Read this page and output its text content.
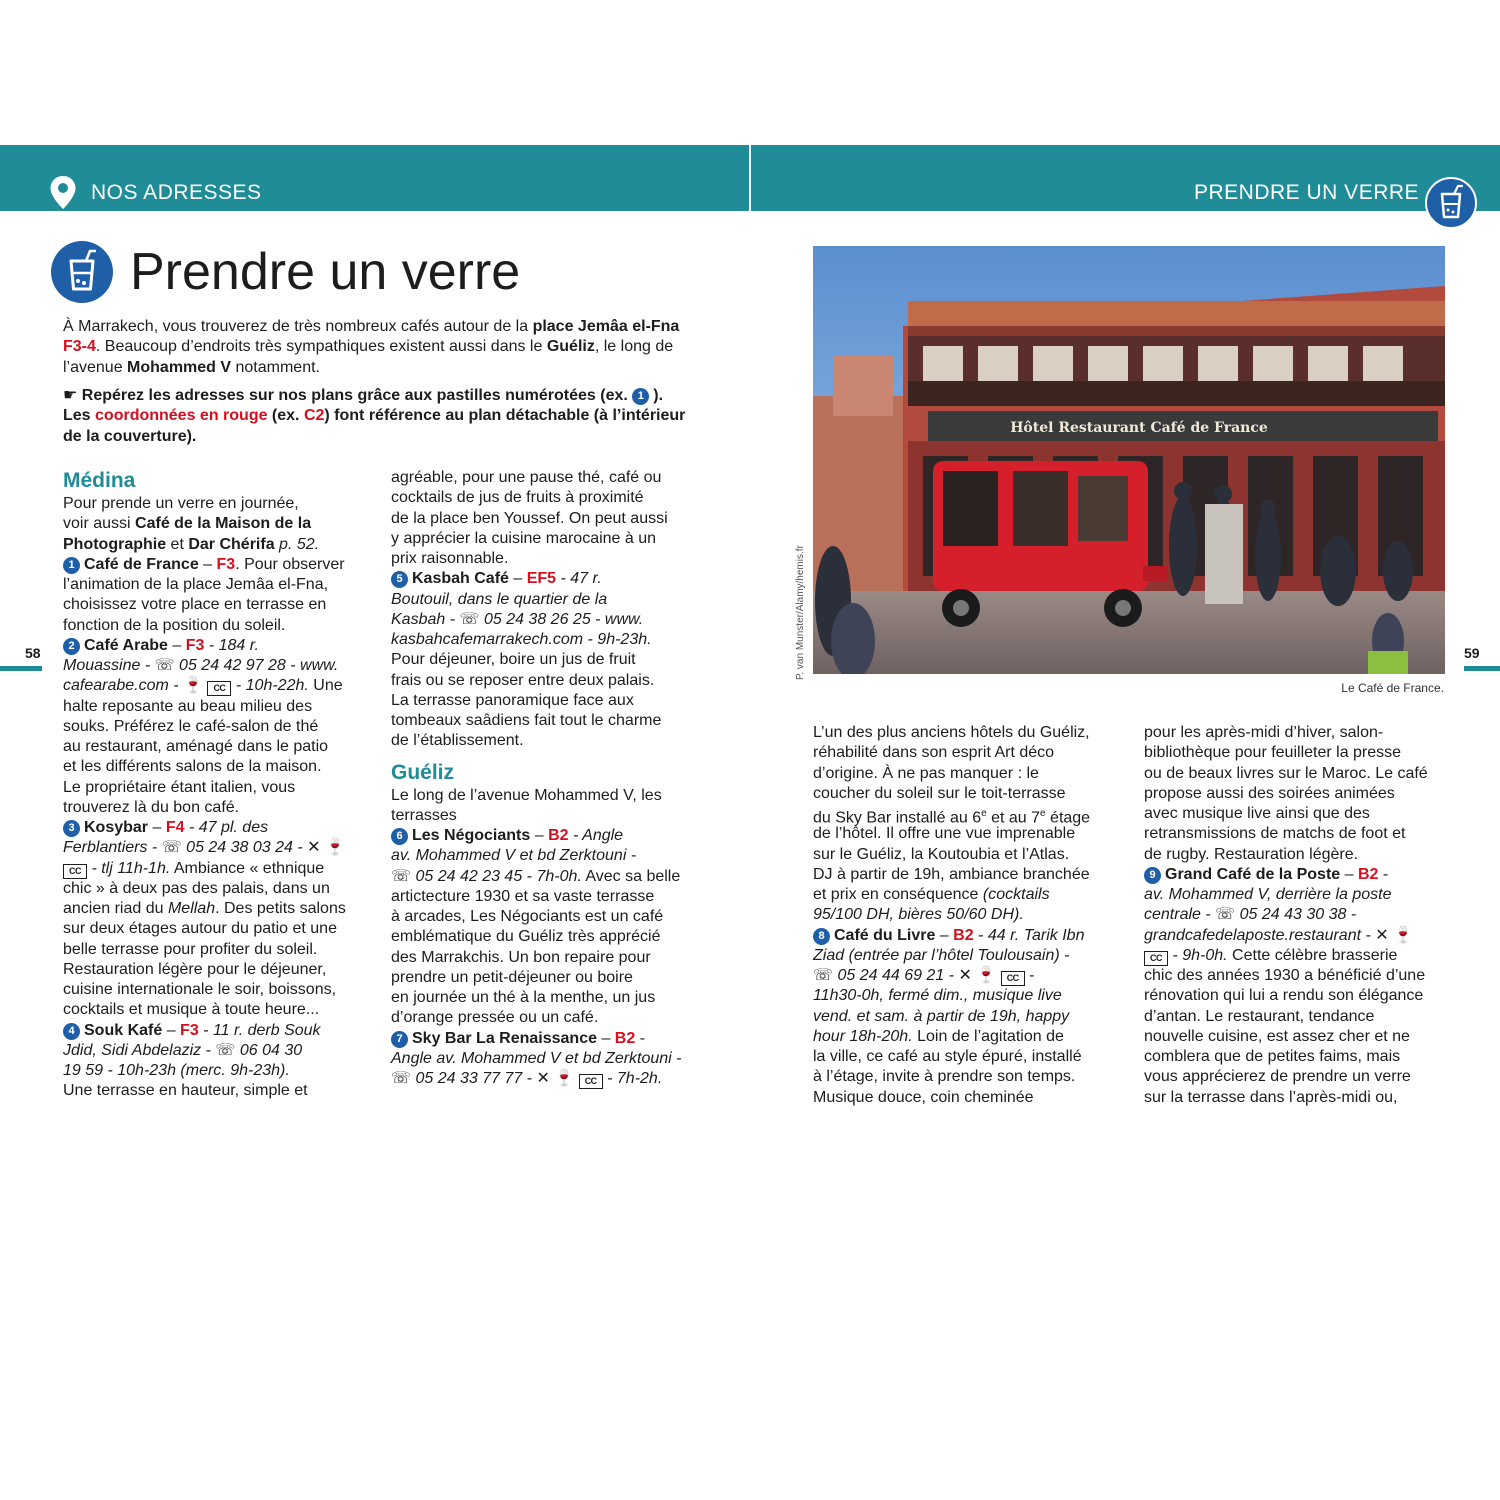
NOS ADRESSES	PRENDRE UN VERRE
Prendre un verre
À Marrakech, vous trouverez de très nombreux cafés autour de la place Jemâa el-Fna F3-4. Beaucoup d’endroits très sympathiques existent aussi dans le Guéliz, le long de l’avenue Mohammed V notamment.
☛ Repérez les adresses sur nos plans grâce aux pastilles numérotées (ex. 1 ).
Les coordonnées en rouge (ex. C2) font référence au plan détachable (à l’intérieur de la couverture).
Médina
Pour prende un verre en journée,
voir aussi Café de la Maison de la
Photographie et Dar Chérifa p. 52.
1 Café de France – F3. Pour observer
l’animation de la place Jemâa el-Fna,
choisissez votre place en terrasse en
fonction de la position du soleil.
2 Café Arabe – F3 - 184 r.
Mouassine - ☏ 05 24 42 97 28 - www.
cafearabe.com - 🍷 CC - 10h-22h. Une
halte reposante au beau milieu des
souks. Préférez le café-salon de thé
au restaurant, aménagé dans le patio
et les différents salons de la maison.
Le propriétaire étant italien, vous
trouverez là du bon café.
3 Kosybar – F4 - 47 pl. des
Ferblantiers - ☏ 05 24 38 03 24 - ✕ 🍷
CC - tlj 11h-1h. Ambiance « ethnique
chic » à deux pas des palais, dans un
ancien riad du Mellah. Des petits salons
sur deux étages autour du patio et une
belle terrasse pour profiter du soleil.
Restauration légère pour le déjeuner,
cuisine internationale le soir, boissons,
cocktails et musique à toute heure...
4 Souk Kafé – F3 - 11 r. derb Souk
Jdid, Sidi Abdelaziz - ☏ 06 04 30
19 59 - 10h-23h (merc. 9h-23h).
Une terrasse en hauteur, simple et
agréable, pour une pause thé, café ou
cocktails de jus de fruits à proximité
de la place ben Youssef. On peut aussi
y apprécier la cuisine marocaine à un
prix raisonnable.
5 Kasbah Café – EF5 - 47 r.
Boutouil, dans le quartier de la
Kasbah - ☏ 05 24 38 26 25 - www.
kasbahcafemarrakech.com - 9h-23h.
Pour déjeuner, boire un jus de fruit
frais ou se reposer entre deux palais.
La terrasse panoramique face aux
tombeaux saâdiens fait tout le charme
de l’établissement.
Guéliz
Le long de l’avenue Mohammed V, les
terrasses
6 Les Négociants – B2 - Angle
av. Mohammed V et bd Zerktouni -
☏ 05 24 42 23 45 - 7h-0h. Avec sa belle
artictecture 1930 et sa vaste terrasse
à arcades, Les Négociants est un café
emblématique du Guéliz très apprécié
des Marrakchis. Un bon repaire pour
prendre un petit-déjeuner ou boire
en journée un thé à la menthe, un jus
d’orange pressée ou un café.
7 Sky Bar La Renaissance – B2 -
Angle av. Mohammed V et bd Zerktouni -
☏ 05 24 33 77 77 - ✕ 🍷 CC - 7h-2h.
58	59
Hôtel Restaurant Café de France
P. van Munster/Alamy/hemis.fr
Le Café de France.
L’un des plus anciens hôtels du Guéliz,
réhabilité dans son esprit Art déco
d’origine. À ne pas manquer : le
coucher du soleil sur le toit-terrasse
du Sky Bar installé au 6e et au 7e étage
de l’hôtel. Il offre une vue imprenable
sur le Guéliz, la Koutoubia et l’Atlas.
DJ à partir de 19h, ambiance branchée
et prix en conséquence (cocktails
95/100 DH, bières 50/60 DH).
8 Café du Livre – B2 - 44 r. Tarik Ibn
Ziad (entrée par l’hôtel Toulousain) -
☏ 05 24 44 69 21 - ✕ 🍷 CC -
11h30-0h, fermé dim., musique live
vend. et sam. à partir de 19h, happy
hour 18h-20h. Loin de l’agitation de
la ville, ce café au style épuré, installé
à l’étage, invite à prendre son temps.
Musique douce, coin cheminée
pour les après-midi d’hiver, salon-
bibliothèque pour feuilleter la presse
ou de beaux livres sur le Maroc. Le café
propose aussi des soirées animées
avec musique live ainsi que des
retransmissions de matchs de foot et
de rugby. Restauration légère.
9 Grand Café de la Poste – B2 -
av. Mohammed V, derrière la poste
centrale - ☏ 05 24 43 30 38 -
grandcafedelaposte.restaurant - ✕ 🍷
CC - 9h-0h. Cette célèbre brasserie
chic des années 1930 a bénéficié d’une
rénovation qui lui a rendu son élégance
d’antan. Le restaurant, tendance
nouvelle cuisine, est assez cher et ne
comblera que de petites faims, mais
vous apprécierez de prendre un verre
sur la terrasse dans l’après-midi ou,
